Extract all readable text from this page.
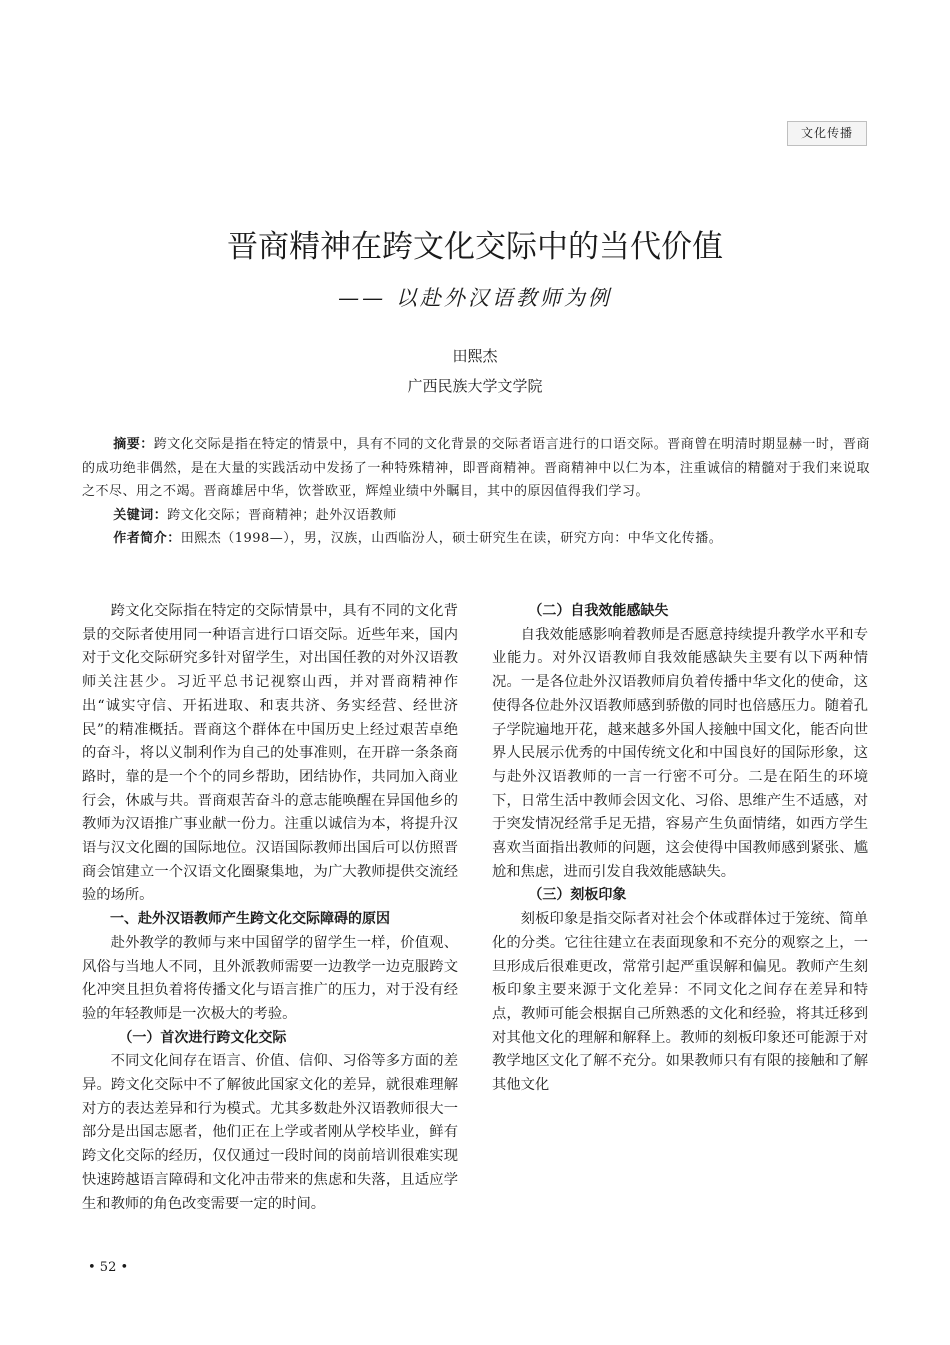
文化传播
晋商精神在跨文化交际中的当代价值
—— 以赴外汉语教师为例
田熙杰
广西民族大学文学院

摘要：跨文化交际是指在特定的情景中，具有不同的文化背景的交际者语言进行的口语交际。晋商曾在明清时期显赫一时，晋商的成功绝非偶然，是在大量的实践活动中发扬了一种特殊精神，即晋商精神。晋商精神中以仁为本，注重诚信的精髓对于我们来说取之不尽、用之不竭。晋商雄居中华，饮誉欧亚，辉煌业绩中外瞩目，其中的原因值得我们学习。

关键词：跨文化交际；晋商精神；赴外汉语教师

作者简介：田熙杰（1998—），男，汉族，山西临汾人，硕士研究生在读，研究方向：中华文化传播。

跨文化交际指在特定的交际情景中，具有不同的文化背景的交际者使用同一种语言进行口语交际。近些年来，国内对于文化交际研究多针对留学生，对出国任教的对外汉语教师关注甚少。习近平总书记视察山西，并对晋商精神作出“诚实守信、开拓进取、和衷共济、务实经营、经世济民”的精准概括。晋商这个群体在中国历史上经过艰苦卓绝的奋斗，将以义制利作为自己的处事准则，在开辟一条条商路时，靠的是一个个的同乡帮助，团结协作，共同加入商业行会，休戚与共。晋商艰苦奋斗的意志能唤醒在异国他乡的教师为汉语推广事业献一份力。注重以诚信为本，将提升汉语与汉文化圈的国际地位。汉语国际教师出国后可以仿照晋商会馆建立一个汉语文化圈聚集地，为广大教师提供交流经验的场所。

一、赴外汉语教师产生跨文化交际障碍的原因

赴外教学的教师与来中国留学的留学生一样，价值观、风俗与当地人不同，且外派教师需要一边教学一边克服跨文化冲突且担负着将传播文化与语言推广的压力，对于没有经验的年轻教师是一次极大的考验。

（一）首次进行跨文化交际

不同文化间存在语言、价值、信仰、习俗等多方面的差异。跨文化交际中不了解彼此国家文化的差异，就很难理解对方的表达差异和行为模式。尤其多数赴外汉语教师很大一部分是出国志愿者，他们正在上学或者刚从学校毕业，鲜有跨文化交际的经历，仅仅通过一段时间的岗前培训很难实现快速跨越语言障碍和文化冲击带来的焦虑和失落，且适应学生和教师的角色改变需要一定的时间。

（二）自我效能感缺失

自我效能感影响着教师是否愿意持续提升教学水平和专业能力。对外汉语教师自我效能感缺失主要有以下两种情况。一是各位赴外汉语教师肩负着传播中华文化的使命，这使得各位赴外汉语教师感到骄傲的同时也倍感压力。随着孔子学院遍地开花，越来越多外国人接触中国文化，能否向世界人民展示优秀的中国传统文化和中国良好的国际形象，这与赴外汉语教师的一言一行密不可分。二是在陌生的环境下，日常生活中教师会因文化、习俗、思维产生不适感，对于突发情况经常手足无措，容易产生负面情绪，如西方学生喜欢当面指出教师的问题，这会使得中国教师感到紧张、尴尬和焦虑，进而引发自我效能感缺失。

（三）刻板印象

刻板印象是指交际者对社会个体或群体过于笼统、简单化的分类。它往往建立在表面现象和不充分的观察之上，一旦形成后很难更改，常常引起严重误解和偏见。教师产生刻板印象主要来源于文化差异：不同文化之间存在差异和特点，教师可能会根据自己所熟悉的文化和经验，将其迁移到对其他文化的理解和解释上。教师的刻板印象还可能源于对教学地区文化了解不充分。如果教师只有有限的接触和了解其他文化

• 52 •
